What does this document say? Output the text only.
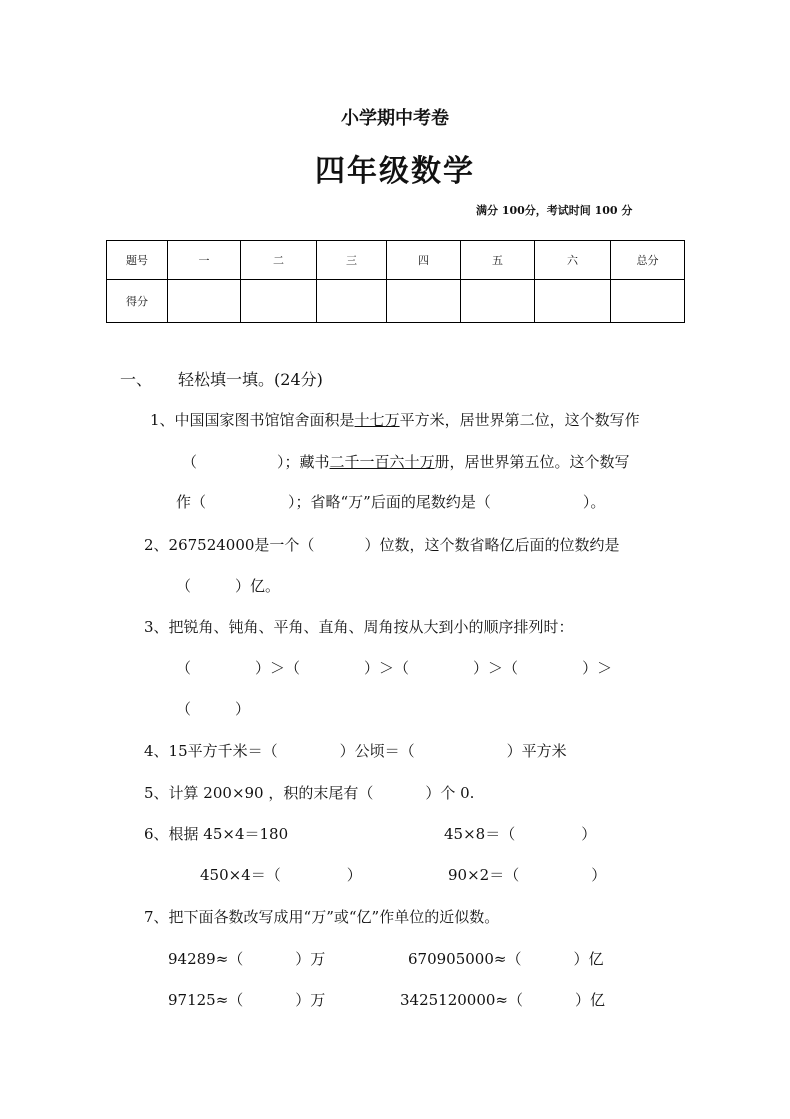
小学期中考卷
四年级数学
满分 100分，考试时间 100 分
题号	一	二	三	四	五	六	总分
得分							
一、 轻松填一填。(24分)
1、中国国家图书馆馆舍面积是十七万平方米，居世界第二位，这个数写作
（	）；藏书二千一百六十万册，居世界第五位。这个数写
作（	）；省略“万”后面的尾数约是（	）。
2、267524000是一个（	）位数，这个数省略亿后面的位数约是
（	）亿。
3、把锐角、钝角、平角、直角、周角按从大到小的顺序排列时：
（	）＞（	）＞（	）＞（	）＞
（	）
4、15平方千米＝（	）公顷＝（	）平方米
5、计算 200×90 ，积的末尾有（	）个 0.
6、根据 45×4＝180	45×8＝（	）
450×4＝（	）	90×2＝（	）
7、把下面各数改写成用“万”或“亿”作单位的近似数。
94289≈（	）万	670905000≈（	）亿
97125≈（	）万	3425120000≈（	）亿
